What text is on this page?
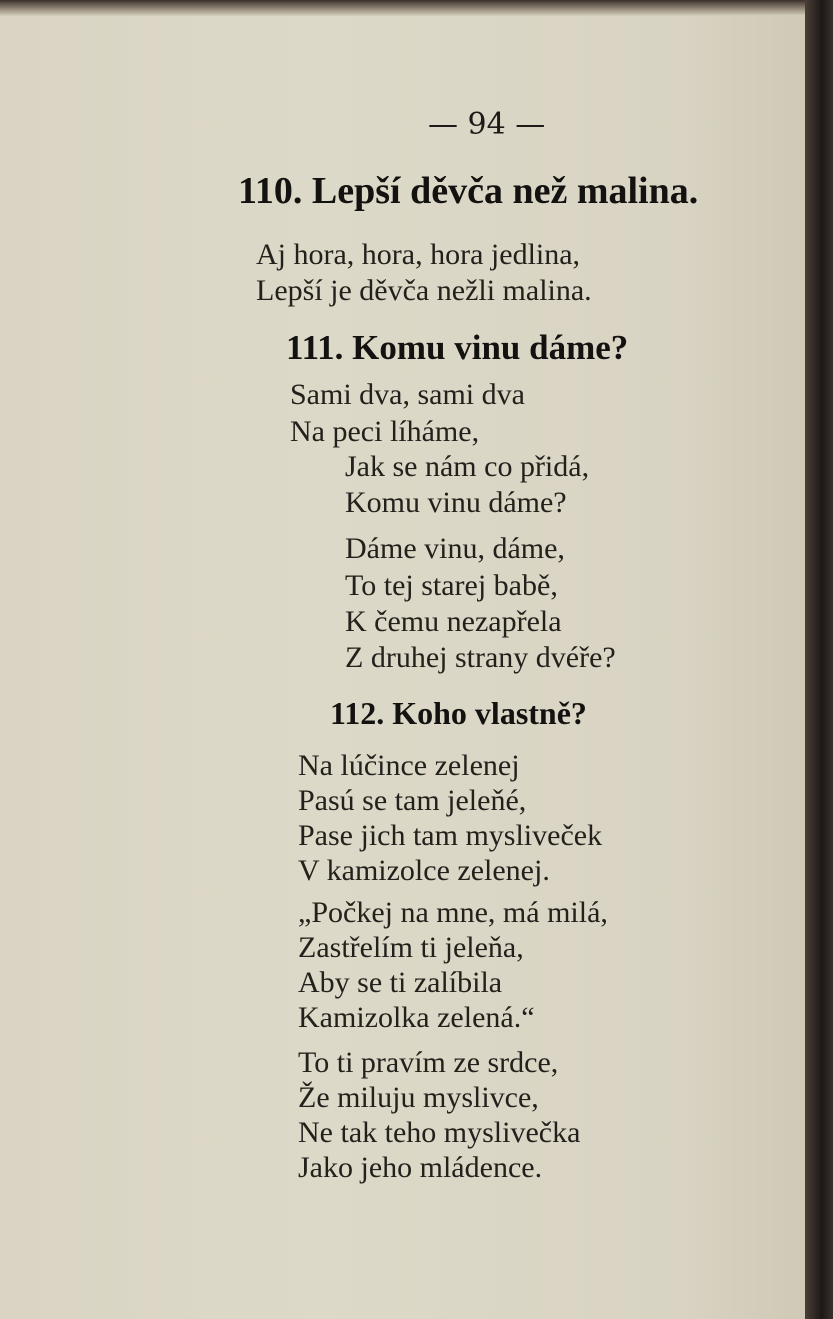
— 94 —

110. Lepší děvča než malina.

Aj hora, hora, hora jedlina,

Lepší je děvča nežli malina.

111. Komu vinu dáme?

Sami dva, sami dva

Na peci líháme,

Jak se nám co přidá,

Komu vinu dáme?

Dáme vinu, dáme,

To tej starej babě,

K čemu nezapřela

Z druhej strany dvéře?

112. Koho vlastně?

Na lúčince zelenej

Pasú se tam jeleňé,

Pase jich tam mysliveček

V kamizolce zelenej.

„Počkej na mne, má milá,

Zastřelím ti jeleňa,

Aby se ti zalíbila

Kamizolka zelená.“

To ti pravím ze srdce,

Že miluju myslivce,

Ne tak teho myslivečka

Jako jeho mládence.
